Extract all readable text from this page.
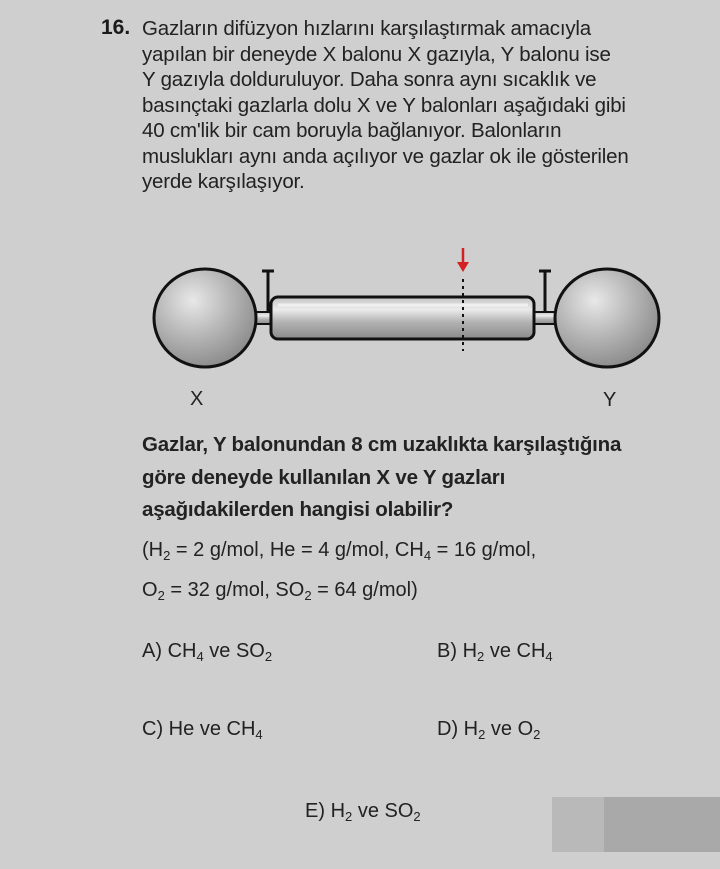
16. Gazların difüzyon hızlarını karşılaştırmak amacıyla
yapılan bir deneyde X balonu X gazıyla, Y balonu ise
Y gazıyla dolduruluyor. Daha sonra aynı sıcaklık ve
basınçtaki gazlarla dolu X ve Y balonları aşağıdaki gibi
40 cm'lik bir cam boruyla bağlanıyor. Balonların
muslukları aynı anda açılıyor ve gazlar ok ile gösterilen
yerde karşılaşıyor.
X	Y
Gazlar, Y balonundan 8 cm uzaklıkta karşılaştığına
göre deneyde kullanılan X ve Y gazları
aşağıdakilerden hangisi olabilir?
($H_2 = 2$ g/mol, He = 4 g/mol, $CH_4 = 16$ g/mol,
$O_2 = 32$ g/mol, $SO_2 = 64$ g/mol)
A) $CH_4$ ve $SO_2$	B) $H_2$ ve $CH_4$
C) He ve $CH_4$	D) $H_2$ ve $O_2$
E) $H_2$ ve $SO_2$
